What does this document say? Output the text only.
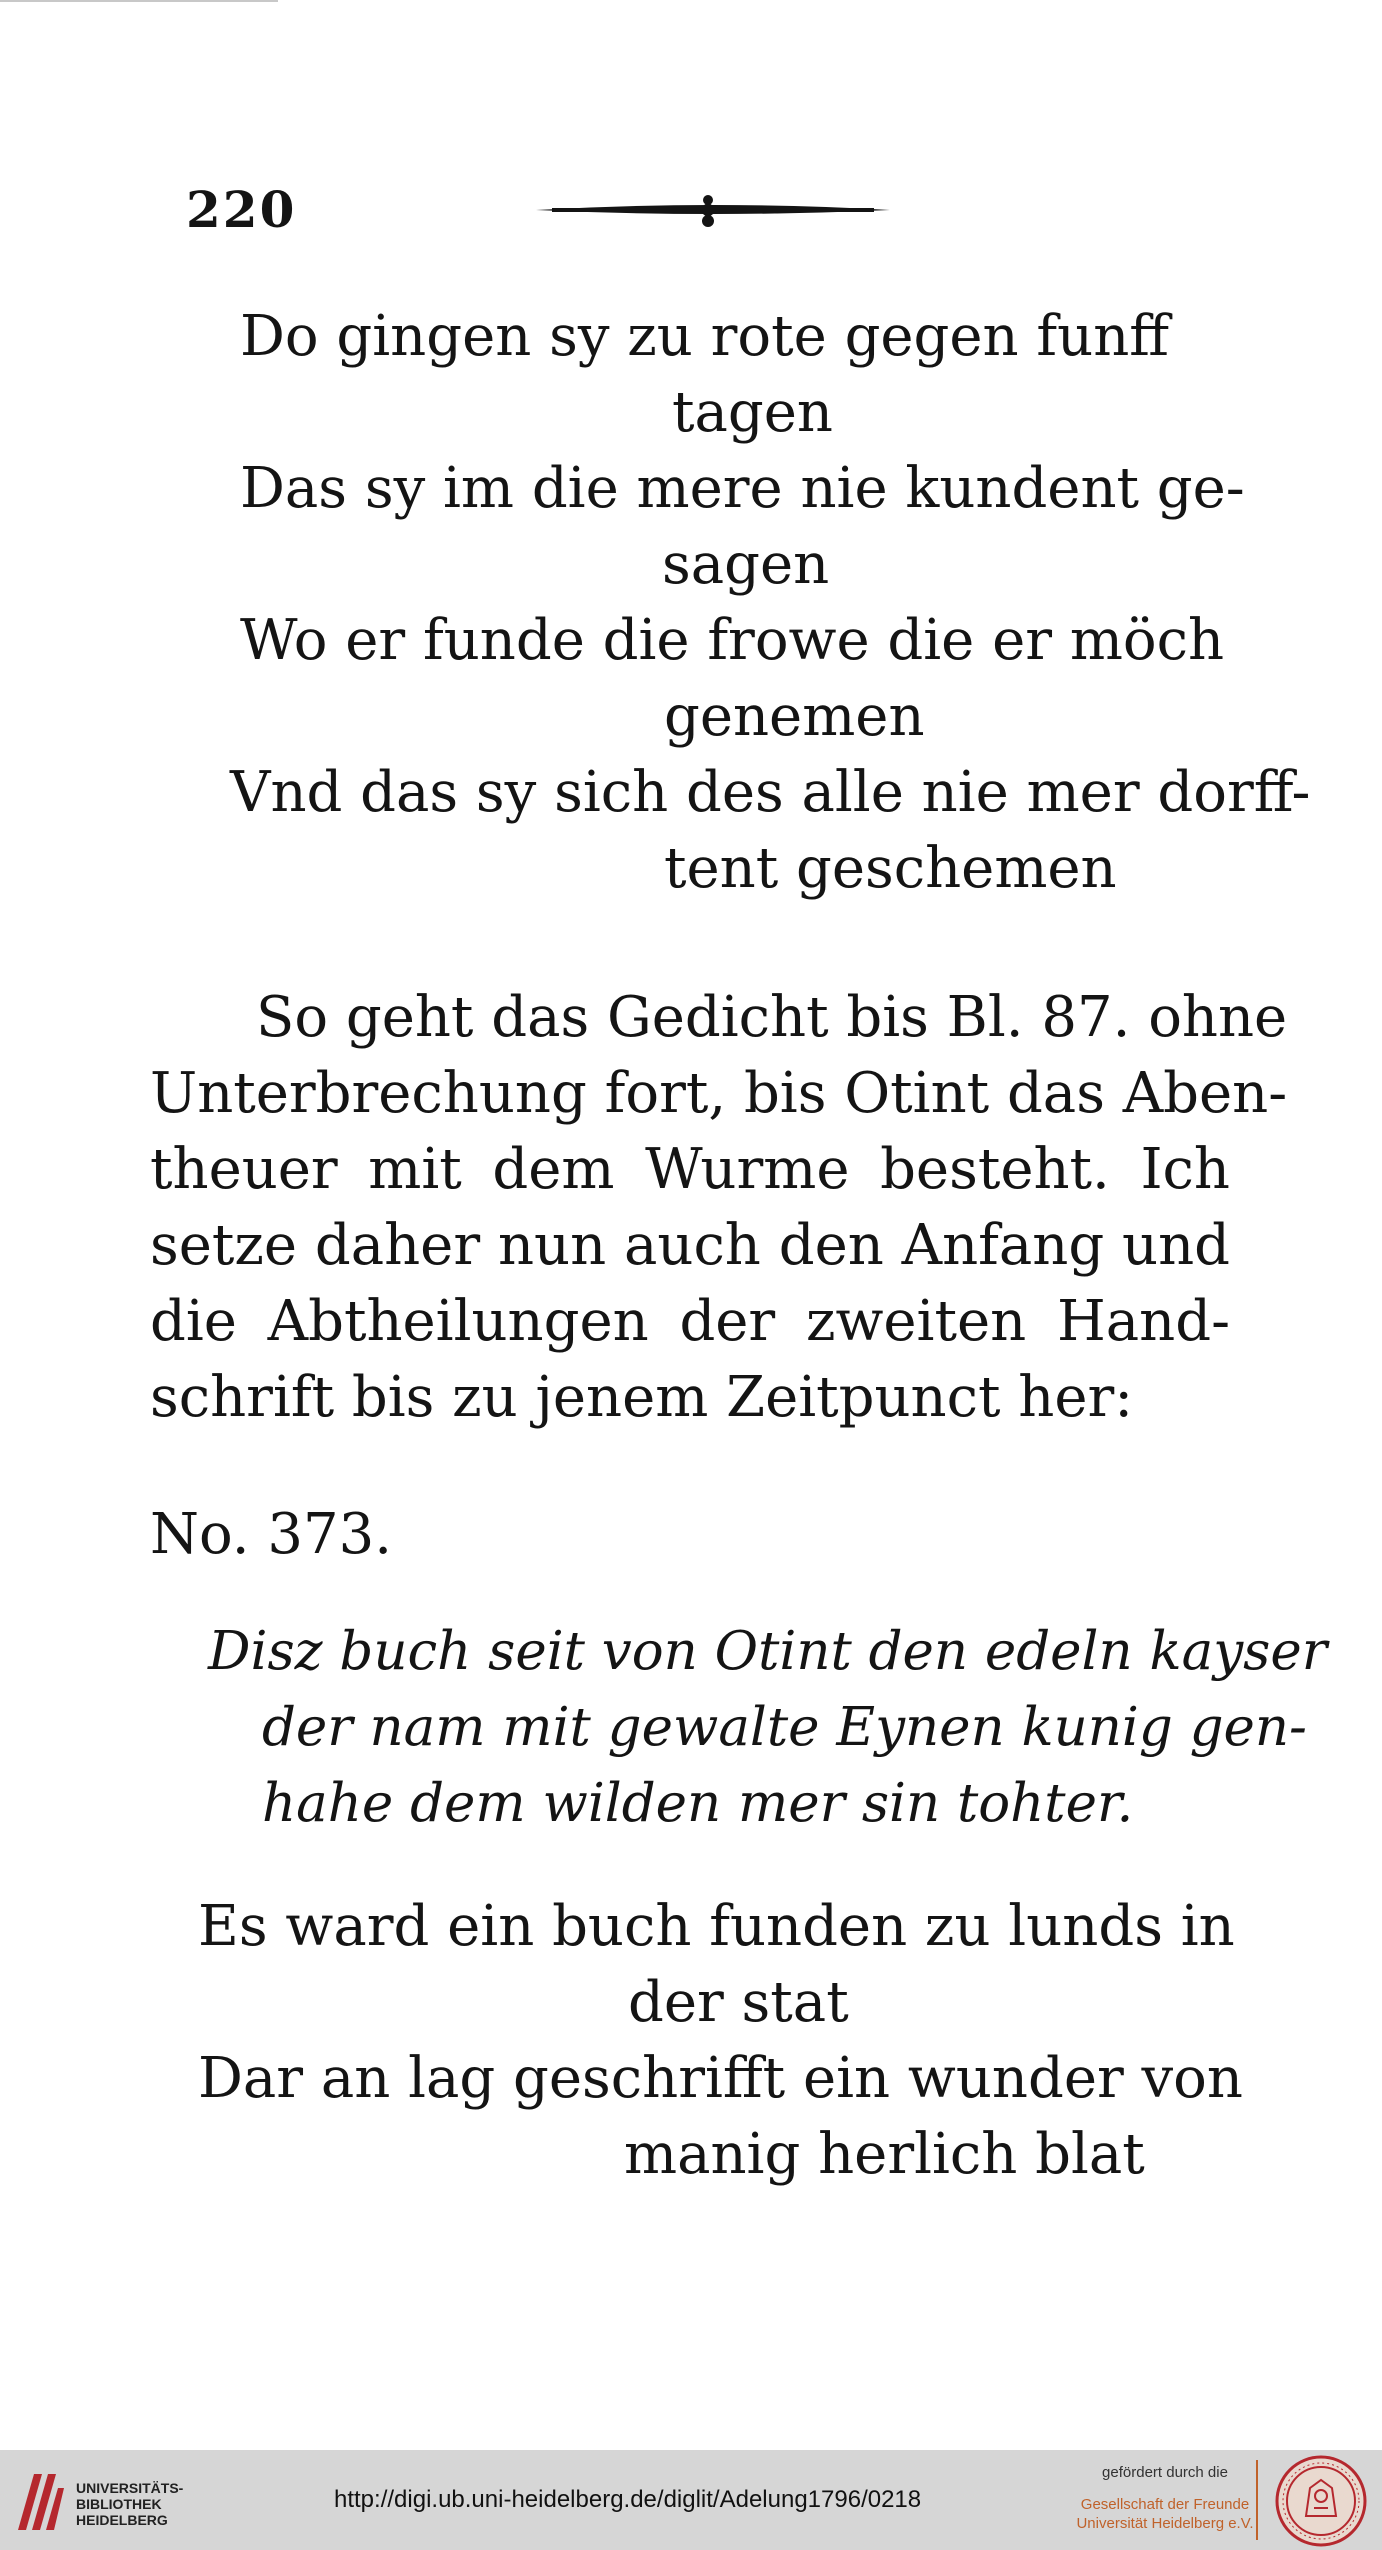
220
Do gingen sy zu rote gegen funff
tagen
Das sy im die mere nie kundent ge-
sagen
Wo er funde die frowe die er möch
genemen
Vnd das sy sich des alle nie mer dorff-
tent geschemen
So geht das Gedicht bis Bl. 87. ohne
Unterbrechung fort, bis Otint das Aben-
theuer mit dem Wurme besteht. Ich
setze daher nun auch den Anfang und
die Abtheilungen der zweiten Hand-
schrift bis zu jenem Zeitpunct her:
No. 373.
Disz buch seit von Otint den edeln kayser
der nam mit gewalte Eynen kunig gen-
hahe dem wilden mer sin tohter.
Es ward ein buch funden zu lunds in
der stat
Dar an lag geschrifft ein wunder von
manig herlich blat
UNIVERSITÄTS-
BIBLIOTHEK
HEIDELBERG
http://digi.ub.uni-heidelberg.de/diglit/Adelung1796/0218
gefördert durch die
Gesellschaft der Freunde
Universität Heidelberg e.V.
